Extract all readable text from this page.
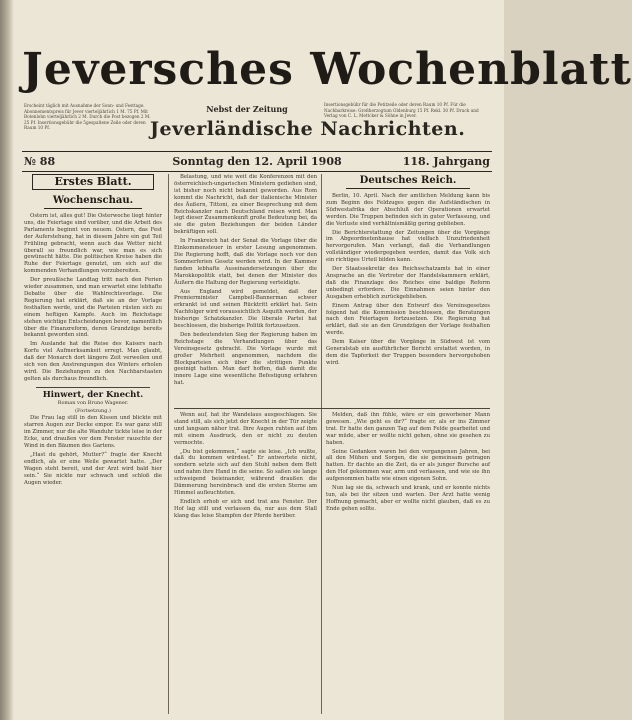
Jeversches Wochenblatt
Erscheint täglich mit Ausnahme der Sonn- und Festtage. Abonnementspreis für Jever vierteljährlich 1 M. 75 Pf. Mit Botenlohn vierteljährlich 2 M. Durch die Post bezogen 2 M. 25 Pf. Insertionsgebühr die 5gespaltene Zeile oder deren Raum 10 Pf.
Nebst der Zeitung	Insertionsgebühr für die Petitzeile oder deren Raum 10 Pf. Für die Nachbarkreise: Großherzogtum Oldenburg 15 Pf. Rekl. 30 Pf. Druck und Verlag von C. L. Mettcker & Söhne in Jever.
Jeverländische Nachrichten.
№ 88	Sonntag den 12. April 1908	118. Jahrgang
Erstes Blatt.
Wochenschau.

Ostern ist, alles gut! Die Osterwoche liegt hinter uns, die Feiertage sind vorüber, und die Arbeit des Parlaments beginnt von neuem. Ostern, das Fest der Auferstehung, hat in diesem Jahre ein gut Teil Frühling gebracht, wenn auch das Wetter nicht überall so freundlich war, wie man es sich gewünscht hätte. Die politischen Kreise haben die Ruhe der Feiertage genutzt, um sich auf die kommenden Verhandlungen vorzubereiten.

Der preußische Landtag tritt nach den Ferien wieder zusammen, und man erwartet eine lebhafte Debatte über die Wahlrechtsvorlage. Die Regierung hat erklärt, daß sie an der Vorlage festhalten werde, und die Parteien rüsten sich zu einem heftigen Kampfe. Auch im Reichstage stehen wichtige Entscheidungen bevor, namentlich über die Finanzreform, deren Grundzüge bereits bekannt geworden sind.

Im Auslande hat die Reise des Kaisers nach Korfu viel Aufmerksamkeit erregt. Man glaubt, daß der Monarch dort längere Zeit verweilen und sich von den Anstrengungen des Winters erholen wird. Die Beziehungen zu den Nachbarstaaten gelten als durchaus freundlich.

Hinwert, der Knecht.
Roman von Bruno Wagener.
(Fortsetzung.)

Die Frau lag still in den Kissen und blickte mit starren Augen zur Decke empor. Es war ganz still im Zimmer, nur die alte Wanduhr tickte leise in der Ecke, und draußen vor dem Fenster rauschte der Wind in den Bäumen des Gartens.

„Hast du gehört, Mutter?“ fragte der Knecht endlich, als er eine Weile gewartet hatte. „Der Wagen steht bereit, und der Arzt wird bald hier sein.“ Sie nickte nur schwach und schloß die Augen wieder.

Belastung, und wie weit die Konferenzen mit den österreichisch-ungarischen Ministern gediehen sind, ist bisher noch nicht bekannt geworden. Aus Rom kommt die Nachricht, daß der italienische Minister des Äußern, Tittoni, zu einer Besprechung mit dem Reichskanzler nach Deutschland reisen wird. Man legt dieser Zusammenkunft große Bedeutung bei, da sie die guten Beziehungen der beiden Länder bekräftigen soll.

In Frankreich hat der Senat die Vorlage über die Einkommensteuer in erster Lesung angenommen. Die Regierung hofft, daß die Vorlage noch vor den Sommerferien Gesetz werden wird. In der Kammer fanden lebhafte Auseinandersetzungen über die Marokkopolitik statt, bei denen der Minister des Äußern die Haltung der Regierung verteidigte.

Aus England wird gemeldet, daß der Premierminister Campbell-Bannerman schwer erkrankt ist und seinen Rücktritt erklärt hat. Sein Nachfolger wird voraussichtlich Asquith werden, der bisherige Schatzkanzler. Die liberale Partei hat beschlossen, die bisherige Politik fortzusetzen.

Den bedeutendsten Sieg der Regierung haben im Reichstage die Verhandlungen über das Vereinsgesetz gebracht. Die Vorlage wurde mit großer Mehrheit angenommen, nachdem die Blockparteien sich über die strittigen Punkte geeinigt hatten. Man darf hoffen, daß damit die innere Lage eine wesentliche Befestigung erfahren hat.

Deutsches Reich.

Berlin, 10. April. Nach der amtlichen Meldung kann bis zum Beginn des Feldzuges gegen die Aufständischen in Südwestafrika der Abschluß der Operationen erwartet werden. Die Truppen befinden sich in guter Verfassung, und die Verluste sind verhältnismäßig gering geblieben.

Die Berichterstattung der Zeitungen über die Vorgänge im Abgeordnetenhause hat vielfach Unzufriedenheit hervorgerufen. Man verlangt, daß die Verhandlungen vollständiger wiedergegeben werden, damit das Volk sich ein richtiges Urteil bilden kann.

Der Staatssekretär des Reichsschatzamts hat in einer Ansprache an die Vertreter der Handelskammern erklärt, daß die Finanzlage des Reiches eine baldige Reform unbedingt erfordere. Die Einnahmen seien hinter den Ausgaben erheblich zurückgeblieben.

Einem Antrag über den Entwurf des Vereinsgesetzes folgend hat die Kommission beschlossen, die Beratungen nach den Feiertagen fortzusetzen. Die Regierung hat erklärt, daß sie an den Grundzügen der Vorlage festhalten werde.

Dem Kaiser über die Vorgänge in Südwest ist vom Generalstab ein ausführlicher Bericht erstattet worden, in dem die Tapferkeit der Truppen besonders hervorgehoben wird.

Wenn auf, hat ihr Wandelaus ausgeschlagen. Sie stand still, als sich jetzt der Knecht in der Tür zeigte und langsam näher trat. Ihre Augen ruhten auf ihm mit einem Ausdruck, den er nicht zu deuten vermochte.

„Du bist gekommen,“ sagte sie leise. „Ich wußte, daß du kommen würdest.“ Er antwortete nicht, sondern setzte sich auf den Stuhl neben dem Bett und nahm ihre Hand in die seine. So saßen sie lange schweigend beieinander, während draußen die Dämmerung hereinbrach und die ersten Sterne am Himmel aufleuchteten.

Endlich erhob er sich und trat ans Fenster. Der Hof lag still und verlassen da, nur aus dem Stall klang das leise Stampfen der Pferde herüber.

Melden, daß ihn fühle, wäre er ein geworbener Mann gewesen. „Wie geht es dir?“ fragte er, als er ins Zimmer trat. Er hatte den ganzen Tag auf dem Felde gearbeitet und war müde, aber er wollte nicht gehen, ohne sie gesehen zu haben.

Seine Gedanken waren bei den vergangenen Jahren, bei all den Mühen und Sorgen, die sie gemeinsam getragen hatten. Er dachte an die Zeit, da er als junger Bursche auf den Hof gekommen war, arm und verlassen, und wie sie ihn aufgenommen hatte wie einen eigenen Sohn.

Nun lag sie da, schwach und krank, und er konnte nichts tun, als bei ihr sitzen und warten. Der Arzt hatte wenig Hoffnung gemacht, aber er wollte nicht glauben, daß es zu Ende gehen sollte.
